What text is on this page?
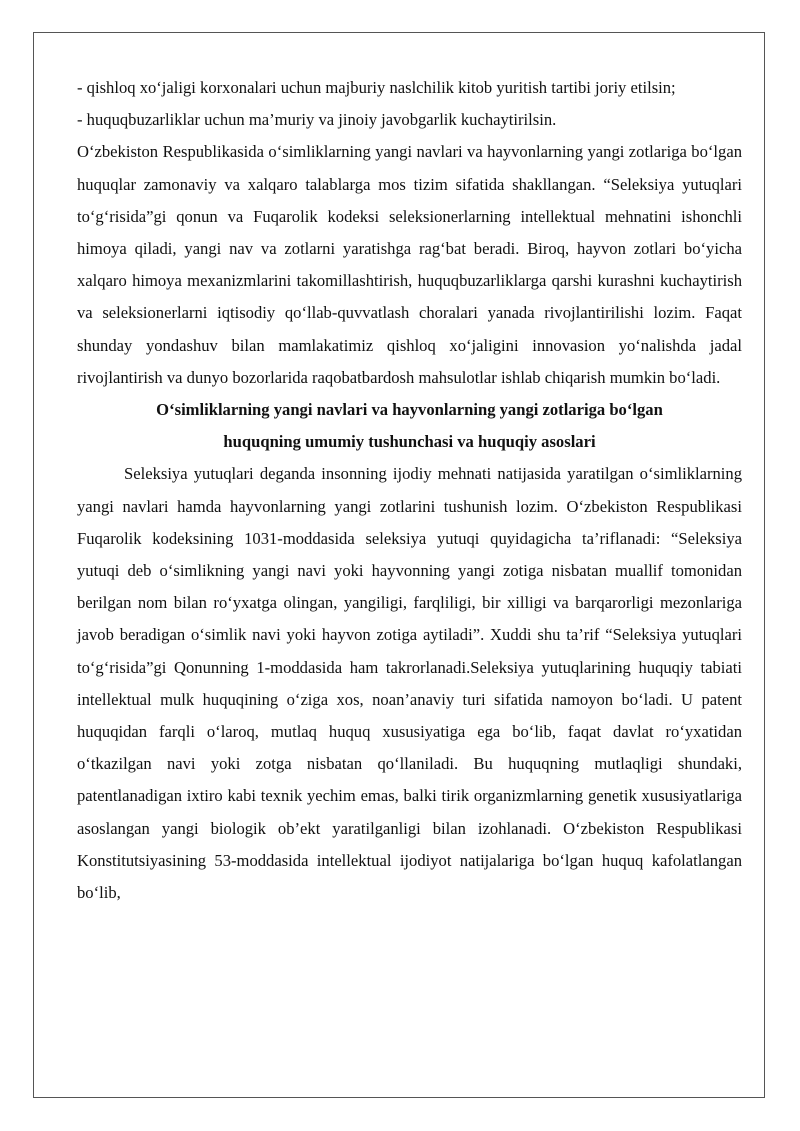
- qishloq xo‘jaligi korxonalari uchun majburiy naslchilik kitob yuritish tartibi joriy etilsin;

- huquqbuzarliklar uchun ma’muriy va jinoiy javobgarlik kuchaytirilsin.

O‘zbekiston Respublikasida o‘simliklarning yangi navlari va hayvonlarning yangi zotlariga bo‘lgan huquqlar zamonaviy va xalqaro talablarga mos tizim sifatida shakllangan. “Seleksiya yutuqlari to‘g‘risida”gi qonun va Fuqarolik kodeksi seleksionerlarning intellektual mehnatini ishonchli himoya qiladi, yangi nav va zotlarni yaratishga rag‘bat beradi. Biroq, hayvon zotlari bo‘yicha xalqaro himoya mexanizmlarini takomillashtirish, huquqbuzarliklarga qarshi kurashni kuchaytirish va seleksionerlarni iqtisodiy qo‘llab-quvvatlash choralari yanada rivojlantirilishi lozim. Faqat shunday yondashuv bilan mamlakatimiz qishloq xo‘jaligini innovasion yo‘nalishda jadal rivojlantirish va dunyo bozorlarida raqobatbardosh mahsulotlar ishlab chiqarish mumkin bo‘ladi.

O‘simliklarning yangi navlari va hayvonlarning yangi zotlariga bo‘lgan

huquqning umumiy tushunchasi va huquqiy asoslari

Seleksiya yutuqlari deganda insonning ijodiy mehnati natijasida yaratilgan o‘simliklarning yangi navlari hamda hayvonlarning yangi zotlarini tushunish lozim. O‘zbekiston Respublikasi Fuqarolik kodeksining 1031-moddasida seleksiya yutuqi quyidagicha ta’riflanadi: “Seleksiya yutuqi deb o‘simlikning yangi navi yoki hayvonning yangi zotiga nisbatan muallif tomonidan berilgan nom bilan ro‘yxatga olingan, yangiligi, farqliligi, bir xilligi va barqarorligi mezonlariga javob beradigan o‘simlik navi yoki hayvon zotiga aytiladi”. Xuddi shu ta’rif “Seleksiya yutuqlari to‘g‘risida”gi Qonunning 1-moddasida ham takrorlanadi.Seleksiya yutuqlarining huquqiy tabiati intellektual mulk huquqining o‘ziga xos, noan’anaviy turi sifatida namoyon bo‘ladi. U patent huquqidan farqli o‘laroq, mutlaq huquq xususiyatiga ega bo‘lib, faqat davlat ro‘yxatidan o‘tkazilgan navi yoki zotga nisbatan qo‘llaniladi. Bu huquqning mutlaqligi shundaki, patentlanadigan ixtiro kabi texnik yechim emas, balki tirik organizmlarning genetik xususiyatlariga asoslangan yangi biologik ob’ekt yaratilganligi bilan izohlanadi. O‘zbekiston Respublikasi Konstitutsiyasining 53-moddasida intellektual ijodiyot natijalariga bo‘lgan huquq kafolatlangan bo‘lib,
